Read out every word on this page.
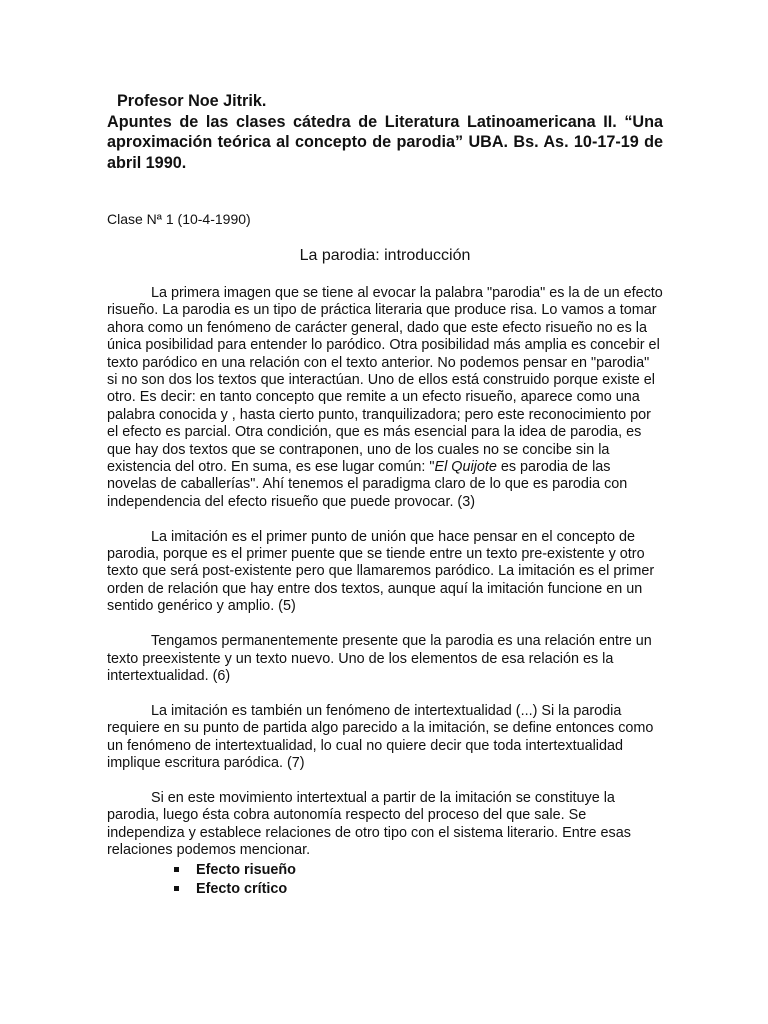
Profesor Noe Jitrik.

Apuntes de las clases cátedra de Literatura Latinoamericana II. “Una aproximación teórica al concepto de parodia” UBA. Bs. As. 10-17-19 de abril 1990.

Clase Nª 1 (10-4-1990)

La parodia: introducción

La primera imagen que se tiene al evocar la palabra "parodia" es la de un efecto risueño. La parodia es un tipo de práctica literaria que produce risa. Lo vamos a tomar ahora como un fenómeno de carácter general, dado que este efecto risueño no es la única posibilidad para entender lo paródico. Otra posibilidad más amplia es concebir el texto paródico en una relación con el texto anterior. No podemos pensar en "parodia" si no son dos los textos que interactúan. Uno de ellos está construido porque existe el otro. Es decir: en tanto concepto que remite a un efecto risueño, aparece como una palabra conocida y , hasta cierto punto, tranquilizadora; pero este reconocimiento por el efecto es parcial. Otra condición, que es más esencial para la idea de parodia, es que hay dos textos que se contraponen, uno de los cuales no se concibe sin la existencia del otro. En suma, es ese lugar común: "El Quijote es parodia de las novelas de caballerías". Ahí tenemos el paradigma claro de lo que es parodia con independencia del efecto risueño que puede provocar. (3)

La imitación es el primer punto de unión que hace pensar en el concepto de parodia, porque es el primer puente que se tiende entre un texto pre-existente y otro texto que será post-existente pero que llamaremos paródico. La imitación es el primer orden de relación que hay entre dos textos, aunque aquí la imitación funcione en un sentido genérico y amplio. (5)

Tengamos permanentemente presente que la parodia es una relación entre un texto preexistente y un texto nuevo. Uno de los elementos de esa relación es la intertextualidad. (6)

La imitación es también un fenómeno de intertextualidad (...) Si la parodia requiere en su punto de partida algo parecido a la imitación, se define entonces como un fenómeno de intertextualidad, lo cual no quiere decir que toda intertextualidad implique escritura paródica. (7)

Si en este movimiento intertextual a partir de la imitación se constituye la parodia, luego ésta cobra autonomía respecto del proceso del que sale. Se independiza y establece relaciones de otro tipo con el sistema literario. Entre esas relaciones podemos mencionar.

Efecto risueño
Efecto crítico
